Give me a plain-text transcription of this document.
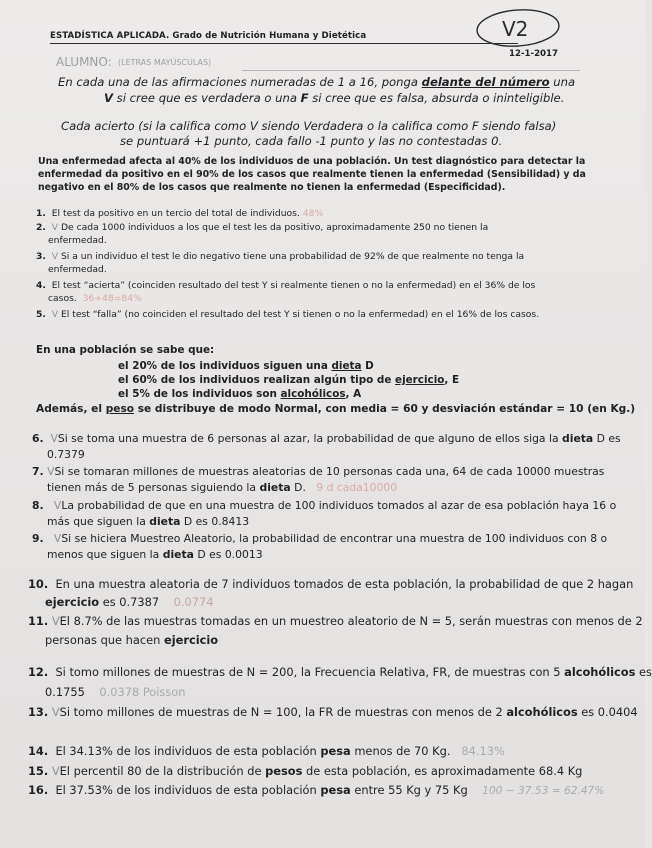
ESTADÍSTICA APLICADA. Grado de Nutrición Humana y Dietética	V2
12-1-2017
ALUMNO: (LETRAS MAYÚSCULAS)
En cada una de las afirmaciones numeradas de 1 a 16, ponga delante del número una
V si cree que es verdadera o una F si cree que es falsa, absurda o ininteligible.
Cada acierto (si la califica como V siendo Verdadera o la califica como F siendo falsa)
se puntuará +1 punto, cada fallo -1 punto y las no contestadas 0.
Una enfermedad afecta al 40% de los individuos de una población. Un test diagnóstico para detectar la
enfermedad da positivo en el 90% de los casos que realmente tienen la enfermedad (Sensibilidad) y da
negativo en el 80% de los casos que realmente no tienen la enfermedad (Especificidad).
1. El test da positivo en un tercio del total de individuos. 48%
2. V De cada 1000 individuos a los que el test les da positivo, aproximadamente 250 no tienen la
enfermedad.
3. V Si a un individuo el test le dio negativo tiene una probabilidad de 92% de que realmente no tenga la
enfermedad.
4. El test “acierta” (coinciden resultado del test Y si realmente tienen o no la enfermedad) en el 36% de los
casos. 36+48=84%
5. V El test “falla” (no coinciden el resultado del test Y si tienen o no la enfermedad) en el 16% de los casos.
En una población se sabe que:
el 20% de los individuos siguen una dieta D
el 60% de los individuos realizan algún tipo de ejercicio, E
el 5% de los individuos son alcohólicos, A
Además, el peso se distribuye de modo Normal, con media = 60 y desviación estándar = 10 (en Kg.)
6. VSi se toma una muestra de 6 personas al azar, la probabilidad de que alguno de ellos siga la dieta D es
0.7379
7. VSi se tomaran millones de muestras aleatorias de 10 personas cada una, 64 de cada 10000 muestras
tienen más de 5 personas siguiendo la dieta D. 9 d cada10000
8. VLa probabilidad de que en una muestra de 100 individuos tomados al azar de esa población haya 16 o
más que siguen la dieta D es 0.8413
9. VSi se hiciera Muestreo Aleatorio, la probabilidad de encontrar una muestra de 100 individuos con 8 o
menos que siguen la dieta D es 0.0013
10. En una muestra aleatoria de 7 individuos tomados de esta población, la probabilidad de que 2 hagan
ejercicio es 0.7387 0.0774
11. VEl 8.7% de las muestras tomadas en un muestreo aleatorio de N = 5, serán muestras con menos de 2
personas que hacen ejercicio
12. Si tomo millones de muestras de N = 200, la Frecuencia Relativa, FR, de muestras con 5 alcohólicos es
0.1755 0.0378 Poisson
13. VSi tomo millones de muestras de N = 100, la FR de muestras con menos de 2 alcohólicos es 0.0404
14. El 34.13% de los individuos de esta población pesa menos de 70 Kg. 84.13%
15. VEl percentil 80 de la distribución de pesos de esta población, es aproximadamente 68.4 Kg
16. El 37.53% de los individuos de esta población pesa entre 55 Kg y 75 Kg 100 − 37.53 = 62.47%
